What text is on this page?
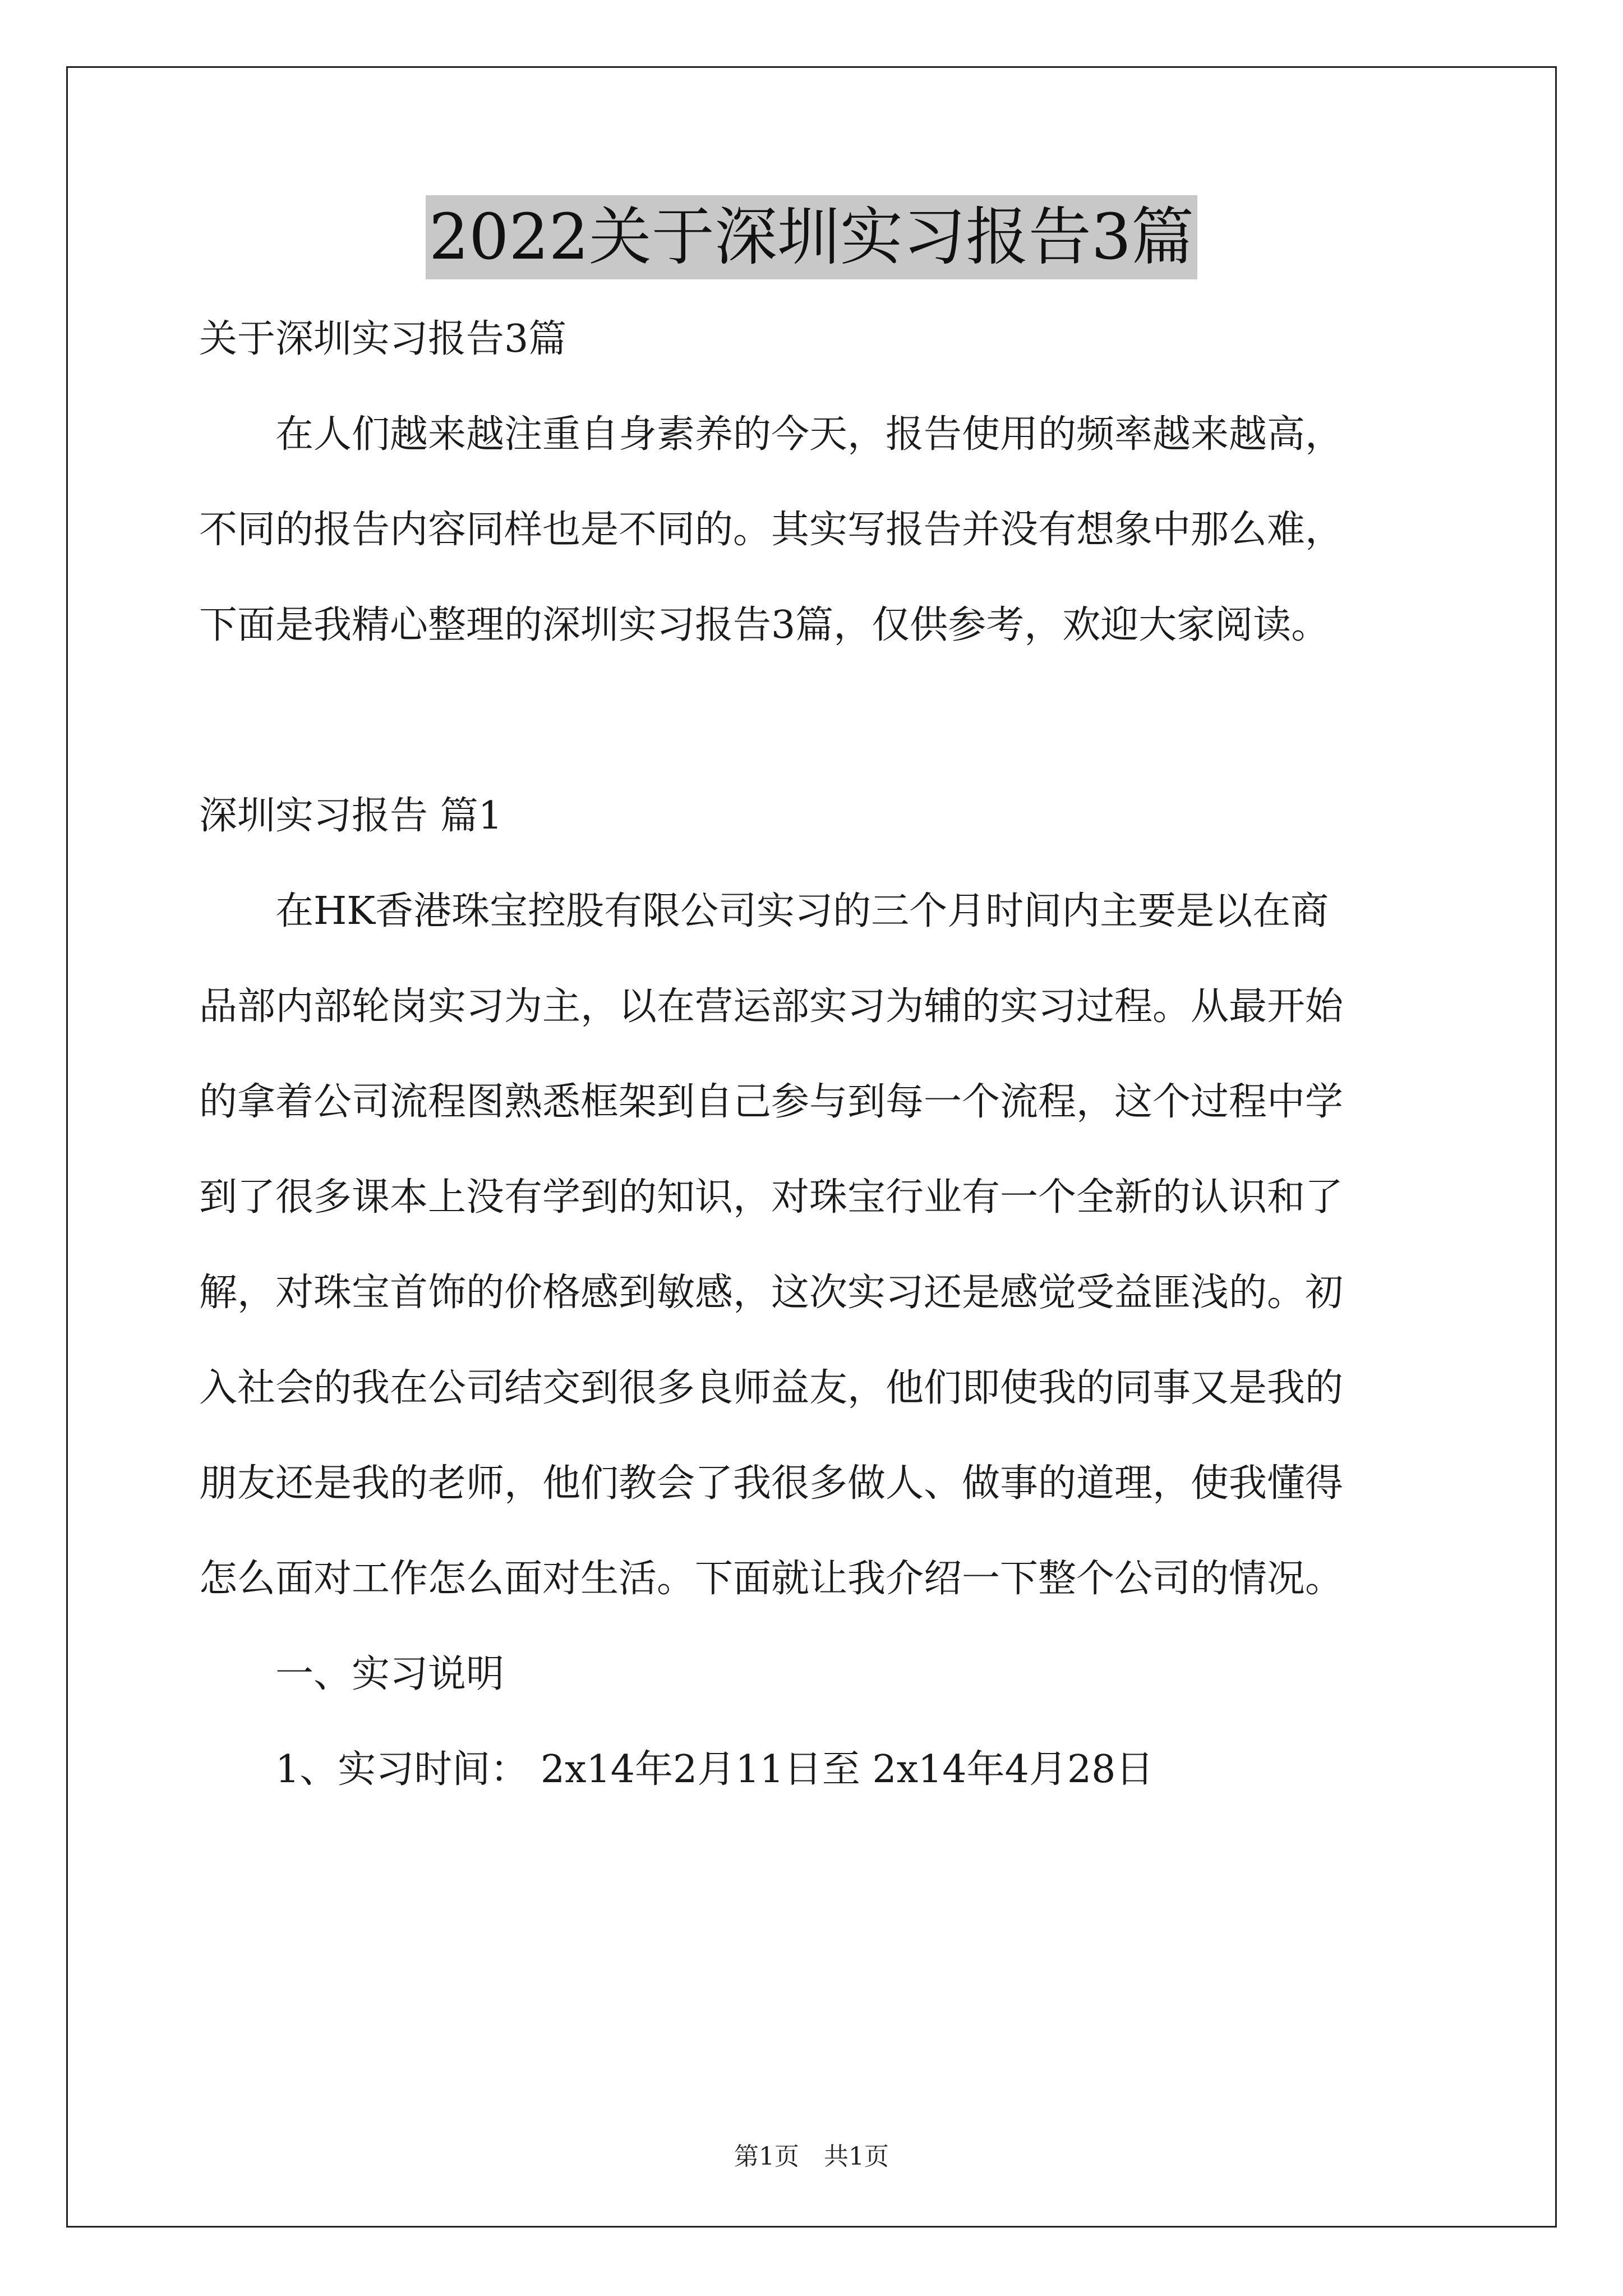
2022关于深圳实习报告3篇

关于深圳实习报告3篇

在人们越来越注重自身素养的今天，报告使用的频率越来越高，

不同的报告内容同样也是不同的。其实写报告并没有想象中那么难，

下面是我精心整理的深圳实习报告3篇，仅供参考，欢迎大家阅读。

深圳实习报告 篇1

在HK香港珠宝控股有限公司实习的三个月时间内主要是以在商

品部内部轮岗实习为主，以在营运部实习为辅的实习过程。从最开始

的拿着公司流程图熟悉框架到自己参与到每一个流程，这个过程中学

到了很多课本上没有学到的知识，对珠宝行业有一个全新的认识和了

解，对珠宝首饰的价格感到敏感，这次实习还是感觉受益匪浅的。初

入社会的我在公司结交到很多良师益友，他们即使我的同事又是我的

朋友还是我的老师，他们教会了我很多做人、做事的道理，使我懂得

怎么面对工作怎么面对生活。下面就让我介绍一下整个公司的情况。

一、实习说明

1、实习时间： 2x14年2月11日至 2x14年4月28日

第1页　共1页
